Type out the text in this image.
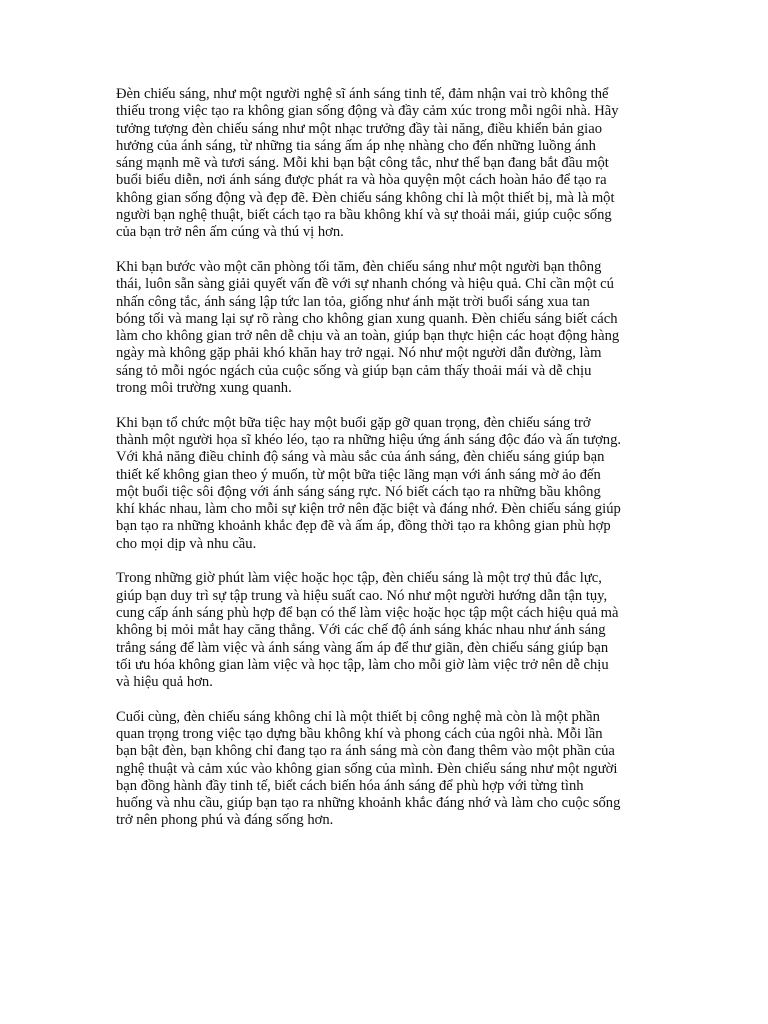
Đèn chiếu sáng, như một người nghệ sĩ ánh sáng tinh tế, đảm nhận vai trò không thể
thiếu trong việc tạo ra không gian sống động và đầy cảm xúc trong mỗi ngôi nhà. Hãy
tưởng tượng đèn chiếu sáng như một nhạc trưởng đầy tài năng, điều khiển bản giao
hưởng của ánh sáng, từ những tia sáng ấm áp nhẹ nhàng cho đến những luồng ánh
sáng mạnh mẽ và tươi sáng. Mỗi khi bạn bật công tắc, như thể bạn đang bắt đầu một
buổi biểu diễn, nơi ánh sáng được phát ra và hòa quyện một cách hoàn hảo để tạo ra
không gian sống động và đẹp đẽ. Đèn chiếu sáng không chỉ là một thiết bị, mà là một
người bạn nghệ thuật, biết cách tạo ra bầu không khí và sự thoải mái, giúp cuộc sống
của bạn trở nên ấm cúng và thú vị hơn.

Khi bạn bước vào một căn phòng tối tăm, đèn chiếu sáng như một người bạn thông
thái, luôn sẵn sàng giải quyết vấn đề với sự nhanh chóng và hiệu quả. Chỉ cần một cú
nhấn công tắc, ánh sáng lập tức lan tỏa, giống như ánh mặt trời buổi sáng xua tan
bóng tối và mang lại sự rõ ràng cho không gian xung quanh. Đèn chiếu sáng biết cách
làm cho không gian trở nên dễ chịu và an toàn, giúp bạn thực hiện các hoạt động hàng
ngày mà không gặp phải khó khăn hay trở ngại. Nó như một người dẫn đường, làm
sáng tỏ mỗi ngóc ngách của cuộc sống và giúp bạn cảm thấy thoải mái và dễ chịu
trong môi trường xung quanh.

Khi bạn tổ chức một bữa tiệc hay một buổi gặp gỡ quan trọng, đèn chiếu sáng trở
thành một người họa sĩ khéo léo, tạo ra những hiệu ứng ánh sáng độc đáo và ấn tượng.
Với khả năng điều chỉnh độ sáng và màu sắc của ánh sáng, đèn chiếu sáng giúp bạn
thiết kế không gian theo ý muốn, từ một bữa tiệc lãng mạn với ánh sáng mờ ảo đến
một buổi tiệc sôi động với ánh sáng sáng rực. Nó biết cách tạo ra những bầu không
khí khác nhau, làm cho mỗi sự kiện trở nên đặc biệt và đáng nhớ. Đèn chiếu sáng giúp
bạn tạo ra những khoảnh khắc đẹp đẽ và ấm áp, đồng thời tạo ra không gian phù hợp
cho mọi dịp và nhu cầu.

Trong những giờ phút làm việc hoặc học tập, đèn chiếu sáng là một trợ thủ đắc lực,
giúp bạn duy trì sự tập trung và hiệu suất cao. Nó như một người hướng dẫn tận tụy,
cung cấp ánh sáng phù hợp để bạn có thể làm việc hoặc học tập một cách hiệu quả mà
không bị mỏi mắt hay căng thẳng. Với các chế độ ánh sáng khác nhau như ánh sáng
trắng sáng để làm việc và ánh sáng vàng ấm áp để thư giãn, đèn chiếu sáng giúp bạn
tối ưu hóa không gian làm việc và học tập, làm cho mỗi giờ làm việc trở nên dễ chịu
và hiệu quả hơn.

Cuối cùng, đèn chiếu sáng không chỉ là một thiết bị công nghệ mà còn là một phần
quan trọng trong việc tạo dựng bầu không khí và phong cách của ngôi nhà. Mỗi lần
bạn bật đèn, bạn không chỉ đang tạo ra ánh sáng mà còn đang thêm vào một phần của
nghệ thuật và cảm xúc vào không gian sống của mình. Đèn chiếu sáng như một người
bạn đồng hành đầy tinh tế, biết cách biến hóa ánh sáng để phù hợp với từng tình
huống và nhu cầu, giúp bạn tạo ra những khoảnh khắc đáng nhớ và làm cho cuộc sống
trở nên phong phú và đáng sống hơn.
